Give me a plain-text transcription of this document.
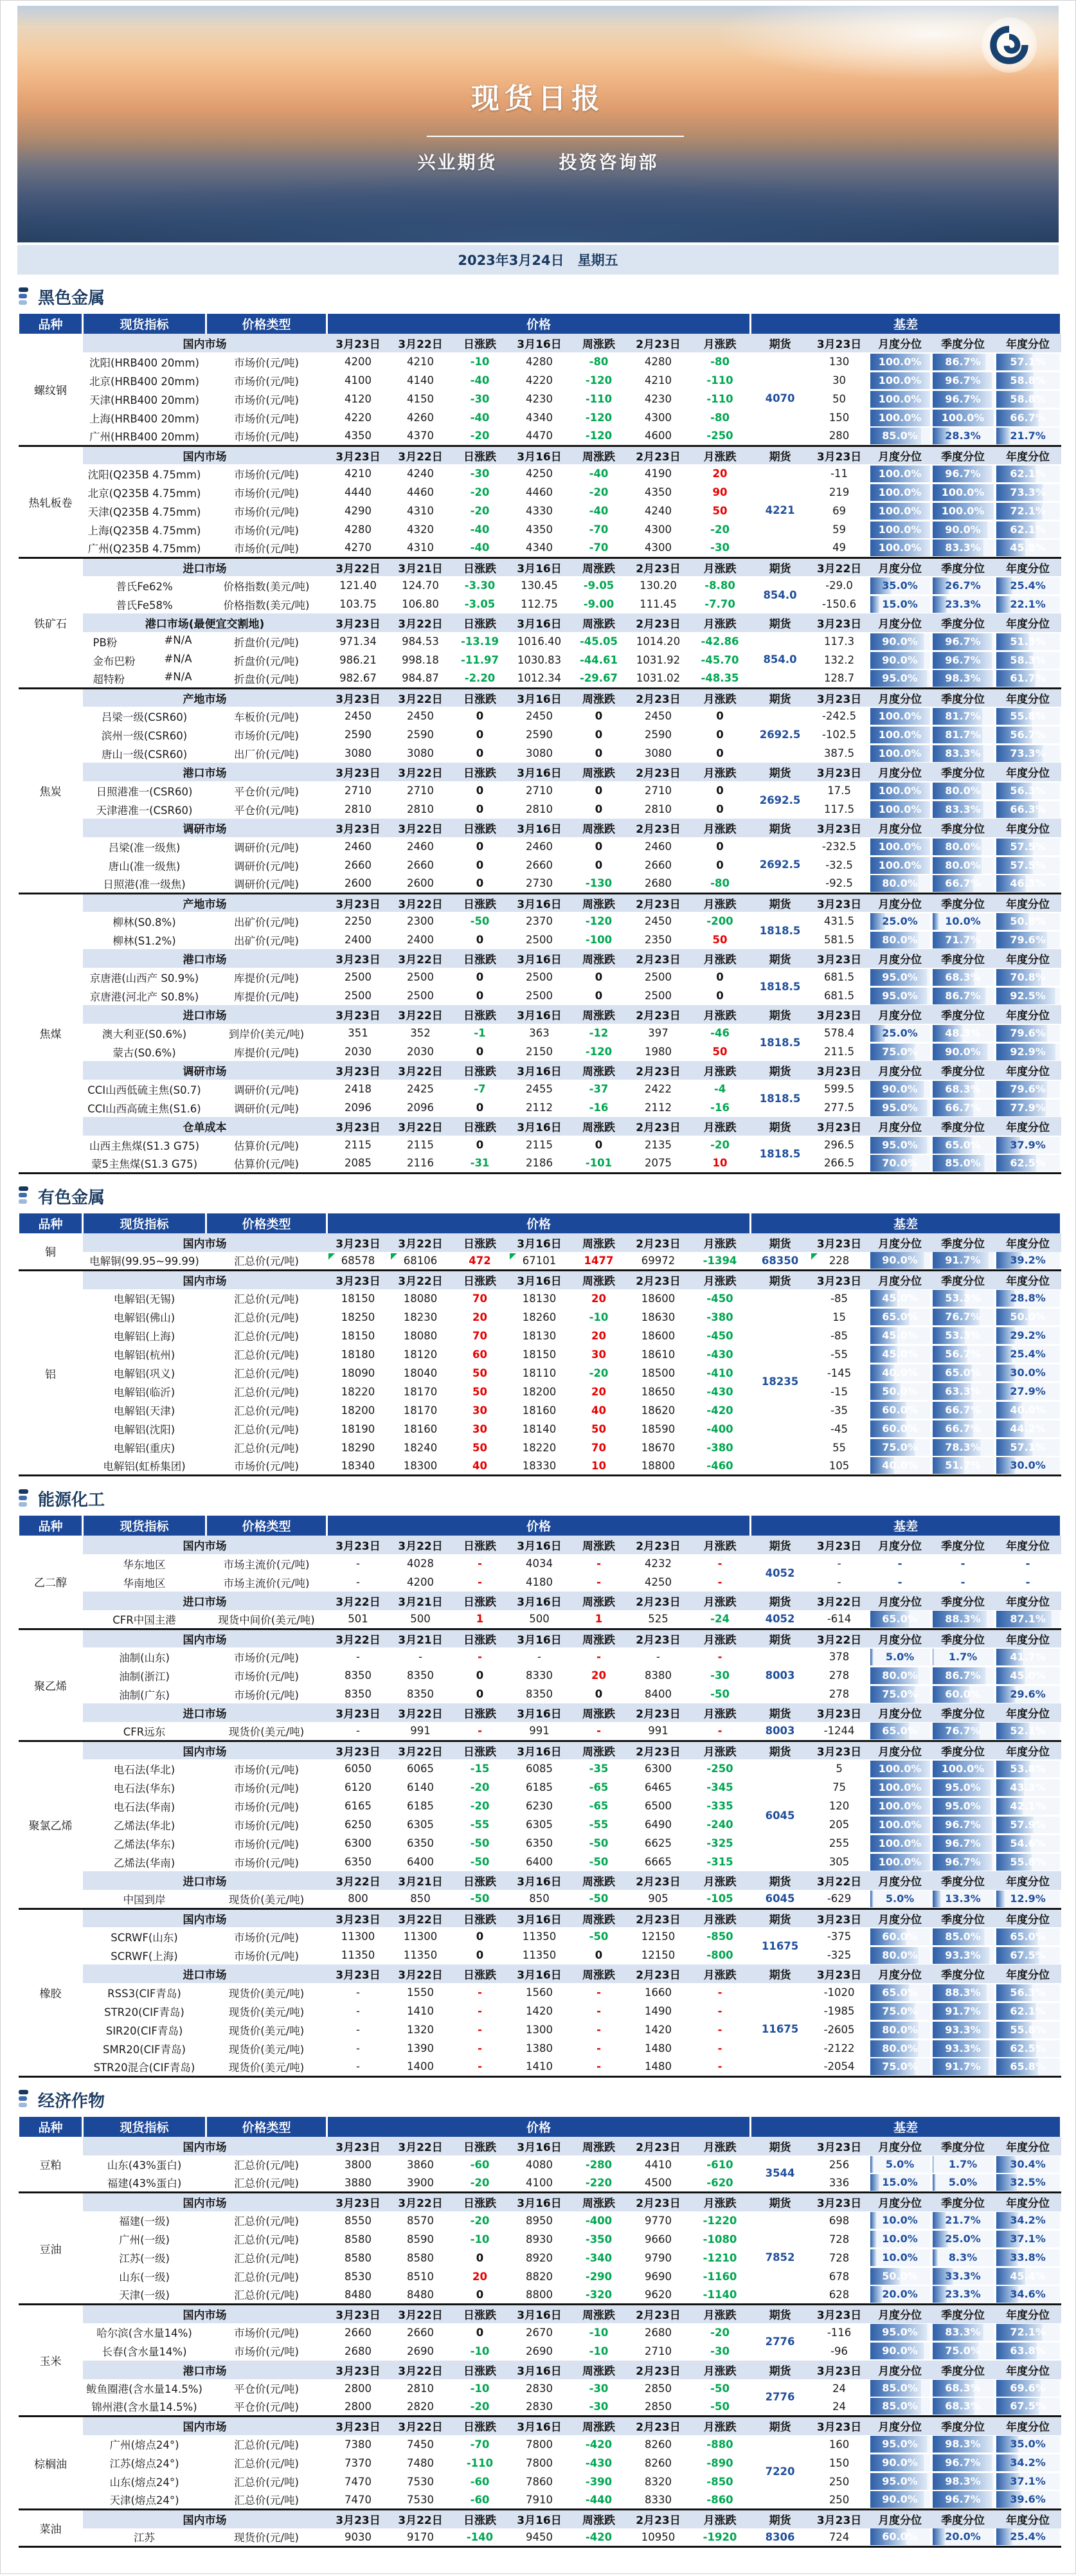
现货日报
兴业期货	投资咨询部
2023年3月24日　星期五
黑色金属
品种	现货指标	价格类型	价格							基差				
螺纹钢	国内市场		3月23日	3月22日	日涨跌	3月16日	周涨跌	2月23日	月涨跌	期货	3月23日	月度分位	季度分位	年度分位
	沈阳(HRB400 20mm)	市场价(元/吨)	4200	4210	-10	4280	-80	4280	-80	4070	130	100.0%	86.7%	57.1%

	北京(HRB400 20mm)	市场价(元/吨)	4100	4140	-40	4220	-120	4210	-110		30	100.0%	96.7%	58.8%

	天津(HRB400 20mm)	市场价(元/吨)	4120	4150	-30	4230	-110	4230	-110		50	100.0%	96.7%	58.8%

	上海(HRB400 20mm)	市场价(元/吨)	4220	4260	-40	4340	-120	4300	-80		150	100.0%	100.0%	66.7%

	广州(HRB400 20mm)	市场价(元/吨)	4350	4370	-20	4470	-120	4600	-250		280	85.0%	28.3%	21.7%

热轧板卷	国内市场		3月23日	3月22日	日涨跌	3月16日	周涨跌	2月23日	月涨跌	期货	3月23日	月度分位	季度分位	年度分位
	沈阳(Q235B 4.75mm)	市场价(元/吨)	4210	4240	-30	4250	-40	4190	20	4221	-11	100.0%	96.7%	62.1%

	北京(Q235B 4.75mm)	市场价(元/吨)	4440	4460	-20	4460	-20	4350	90		219	100.0%	100.0%	73.3%

	天津(Q235B 4.75mm)	市场价(元/吨)	4290	4310	-20	4330	-40	4240	50		69	100.0%	100.0%	72.1%

	上海(Q235B 4.75mm)	市场价(元/吨)	4280	4320	-40	4350	-70	4300	-20		59	100.0%	90.0%	62.1%

	广州(Q235B 4.75mm)	市场价(元/吨)	4270	4310	-40	4340	-70	4300	-30		49	100.0%	83.3%	45.8%

铁矿石	进口市场		3月22日	3月21日	日涨跌	3月16日	周涨跌	2月23日	月涨跌	期货	3月22日	月度分位	季度分位	年度分位
	普氏Fe62%	价格指数(美元/吨)	121.40	124.70	-3.30	130.45	-9.05	130.20	-8.80	854.0	-29.0	35.0%	26.7%	25.4%

	普氏Fe58%	价格指数(美元/吨)	103.75	106.80	-3.05	112.75	-9.00	111.45	-7.70		-150.6	15.0%	23.3%	22.1%

	港口市场(最便宜交割地)		3月23日	3月22日	日涨跌	3月16日	周涨跌	2月23日	月涨跌	期货	3月23日	月度分位	季度分位	年度分位

	PB粉 #N/A	折盘价(元/吨)	971.34	984.53	-13.19	1016.40	-45.05	1014.20	-42.86	854.0	117.3	90.0%	96.7%	51.3%

	金布巴粉 #N/A	折盘价(元/吨)	986.21	998.18	-11.97	1030.83	-44.61	1031.92	-45.70		132.2	90.0%	96.7%	58.3%

	超特粉 #N/A	折盘价(元/吨)	982.67	984.87	-2.20	1012.34	-29.67	1031.02	-48.35		128.7	95.0%	98.3%	61.7%

焦炭	产地市场		3月23日	3月22日	日涨跌	3月16日	周涨跌	2月23日	月涨跌	期货	3月23日	月度分位	季度分位	年度分位
	吕梁一级(CSR60)	车板价(元/吨)	2450	2450	0	2450	0	2450	0	2692.5	-242.5	100.0%	81.7%	55.8%

	滨州一级(CSR60)	市场价(元/吨)	2590	2590	0	2590	0	2590	0		-102.5	100.0%	81.7%	56.7%

	唐山一级(CSR60)	出厂价(元/吨)	3080	3080	0	3080	0	3080	0		387.5	100.0%	83.3%	73.3%

	港口市场		3月23日	3月22日	日涨跌	3月16日	周涨跌	2月23日	月涨跌	期货	3月23日	月度分位	季度分位	年度分位
	日照港准一(CSR60)	平仓价(元/吨)	2710	2710	0	2710	0	2710	0	2692.5	17.5	100.0%	80.0%	56.3%

	天津港准一(CSR60)	平仓价(元/吨)	2810	2810	0	2810	0	2810	0		117.5	100.0%	83.3%	66.3%

	调研市场		3月23日	3月22日	日涨跌	3月16日	周涨跌	2月23日	月涨跌	期货	3月23日	月度分位	季度分位	年度分位
	吕梁(准一级焦)	调研价(元/吨)	2460	2460	0	2460	0	2460	0	2692.5	-232.5	100.0%	80.0%	57.5%

	唐山(准一级焦)	调研价(元/吨)	2660	2660	0	2660	0	2660	0		-32.5	100.0%	80.0%	57.5%

	日照港(准一级焦)	调研价(元/吨)	2600	2600	0	2730	-130	2680	-80		-92.5	80.0%	66.7%	46.3%

焦煤	产地市场		3月23日	3月22日	日涨跌	3月16日	周涨跌	2月23日	月涨跌	期货	3月23日	月度分位	季度分位	年度分位
	柳林(S0.8%)	出矿价(元/吨)	2250	2300	-50	2370	-120	2450	-200	1818.5	431.5	25.0%	10.0%	50.8%

	柳林(S1.2%)	出矿价(元/吨)	2400	2400	0	2500	-100	2350	50		581.5	80.0%	71.7%	79.6%

	港口市场		3月23日	3月22日	日涨跌	3月16日	周涨跌	2月23日	月涨跌	期货	3月23日	月度分位	季度分位	年度分位
	京唐港(山西产 S0.9%)	库提价(元/吨)	2500	2500	0	2500	0	2500	0	1818.5	681.5	95.0%	68.3%	70.8%

	京唐港(河北产 S0.8%)	库提价(元/吨)	2500	2500	0	2500	0	2500	0		681.5	95.0%	86.7%	92.5%

	进口市场		3月23日	3月22日	日涨跌	3月16日	周涨跌	2月23日	月涨跌	期货	3月23日	月度分位	季度分位	年度分位
	澳大利亚(S0.6%)	到岸价(美元/吨)	351	352	-1	363	-12	397	-46	1818.5	578.4	25.0%	48.3%	79.6%

	蒙古(S0.6%)	库提价(元/吨)	2030	2030	0	2150	-120	1980	50		211.5	75.0%	90.0%	92.9%

	调研市场		3月23日	3月22日	日涨跌	3月16日	周涨跌	2月23日	月涨跌	期货	3月23日	月度分位	季度分位	年度分位
	CCI山西低硫主焦(S0.7)	调研价(元/吨)	2418	2425	-7	2455	-37	2422	-4	1818.5	599.5	90.0%	68.3%	79.6%

	CCI山西高硫主焦(S1.6)	调研价(元/吨)	2096	2096	0	2112	-16	2112	-16		277.5	95.0%	66.7%	77.9%

	仓单成本		3月23日	3月22日	日涨跌	3月16日	周涨跌	2月23日	月涨跌	期货	3月23日	月度分位	季度分位	年度分位
	山西主焦煤(S1.3 G75)	估算价(元/吨)	2115	2115	0	2115	0	2135	-20	1818.5	296.5	95.0%	65.0%	37.9%

	蒙5主焦煤(S1.3 G75)	估算价(元/吨)	2085	2116	-31	2186	-101	2075	10		266.5	70.0%	85.0%	62.5%
有色金属
品种	现货指标	价格类型	价格							基差				
铜	国内市场		3月23日	3月22日	日涨跌	3月16日	周涨跌	2月23日	月涨跌	期货	3月23日	月度分位	季度分位	年度分位
	电解铜(99.95~99.99)	汇总价(元/吨)	68578	68106	472	67101	1477	69972	-1394	68350	228	90.0%	91.7%	39.2%

铝	国内市场		3月23日	3月22日	日涨跌	3月16日	周涨跌	2月23日	月涨跌	期货	3月23日	月度分位	季度分位	年度分位
	电解铝(无锡)	汇总价(元/吨)	18150	18080	70	18130	20	18600	-450	18235	-85	45.0%	53.3%	28.8%

	电解铝(佛山)	汇总价(元/吨)	18250	18230	20	18260	-10	18630	-380		15	65.0%	76.7%	50.0%

	电解铝(上海)	汇总价(元/吨)	18150	18080	70	18130	20	18600	-450		-85	45.0%	53.3%	29.2%

	电解铝(杭州)	汇总价(元/吨)	18180	18120	60	18150	30	18610	-430		-55	45.0%	56.7%	25.4%

	电解铝(巩义)	汇总价(元/吨)	18090	18040	50	18110	-20	18500	-410		-145	40.0%	65.0%	30.0%

	电解铝(临沂)	汇总价(元/吨)	18220	18170	50	18200	20	18650	-430		-15	50.0%	63.3%	27.9%

	电解铝(天津)	汇总价(元/吨)	18200	18170	30	18160	40	18620	-420		-35	60.0%	66.7%	40.0%

	电解铝(沈阳)	汇总价(元/吨)	18190	18160	30	18140	50	18590	-400		-45	60.0%	66.7%	44.2%

	电解铝(重庆)	汇总价(元/吨)	18290	18240	50	18220	70	18670	-380		55	75.0%	78.3%	57.1%

	电解铝(虹桥集团)	市场价(元/吨)	18340	18300	40	18330	10	18800	-460		105	40.0%	51.7%	30.0%
能源化工
品种	现货指标	价格类型	价格							基差				
乙二醇	国内市场		3月23日	3月22日	日涨跌	3月16日	周涨跌	2月23日	月涨跌	期货	3月23日	月度分位	季度分位	年度分位
	华东地区	市场主流价(元/吨)	-	4028	-	4034	-	4232	-	4052	-	-	-	-
	华南地区	市场主流价(元/吨)	-	4200	-	4180	-	4250	-		-	-	-	-
	进口市场		3月22日	3月21日	日涨跌	3月16日	周涨跌	2月23日	月涨跌	期货	3月22日	月度分位	季度分位	年度分位
	CFR中国主港	现货中间价(美元/吨)	501	500	1	500	1	525	-24	4052	-614	65.0%	88.3%	87.1%

聚乙烯	国内市场		3月22日	3月21日	日涨跌	3月16日	周涨跌	2月23日	月涨跌	期货	3月22日	月度分位	季度分位	年度分位
	油制(山东)	市场价(元/吨)	-	-	-	-	-	-	-	8003	378	5.0%	1.7%	41.7%

	油制(浙江)	市场价(元/吨)	8350	8350	0	8330	20	8380	-30		278	80.0%	86.7%	45.0%

	油制(广东)	市场价(元/吨)	8350	8350	0	8350	0	8400	-50		278	75.0%	60.0%	29.6%

	进口市场		3月23日	3月22日	日涨跌	3月16日	周涨跌	2月23日	月涨跌	期货	3月23日	月度分位	季度分位	年度分位
	CFR远东	现货价(美元/吨)	-	991	-	991	-	991	-	8003	-1244	65.0%	76.7%	52.1%

聚氯乙烯	国内市场		3月23日	3月22日	日涨跌	3月16日	周涨跌	2月23日	月涨跌	期货	3月23日	月度分位	季度分位	年度分位
	电石法(华北)	市场价(元/吨)	6050	6065	-15	6085	-35	6300	-250	6045	5	100.0%	100.0%	53.8%

	电石法(华东)	市场价(元/吨)	6120	6140	-20	6185	-65	6465	-345		75	100.0%	95.0%	43.3%

	电石法(华南)	市场价(元/吨)	6165	6185	-20	6230	-65	6500	-335		120	100.0%	95.0%	42.1%

	乙烯法(华北)	市场价(元/吨)	6250	6305	-55	6305	-55	6490	-240		205	100.0%	96.7%	57.9%

	乙烯法(华东)	市场价(元/吨)	6300	6350	-50	6350	-50	6625	-325		255	100.0%	96.7%	54.6%

	乙烯法(华南)	市场价(元/吨)	6350	6400	-50	6400	-50	6665	-315		305	100.0%	96.7%	55.8%

	进口市场		3月22日	3月21日	日涨跌	3月16日	周涨跌	2月23日	月涨跌	期货	3月22日	月度分位	季度分位	年度分位
	中国到岸	现货价(美元/吨)	800	850	-50	850	-50	905	-105	6045	-629	5.0%	13.3%	12.9%

橡胶	国内市场		3月23日	3月22日	日涨跌	3月16日	周涨跌	2月23日	月涨跌	期货	3月23日	月度分位	季度分位	年度分位
	SCRWF(山东)	市场价(元/吨)	11300	11300	0	11350	-50	12150	-850	11675	-375	60.0%	85.0%	65.0%

	SCRWF(上海)	市场价(元/吨)	11350	11350	0	11350	0	12150	-800		-325	80.0%	93.3%	67.5%

	进口市场		3月23日	3月22日	日涨跌	3月16日	周涨跌	2月23日	月涨跌	期货	3月23日	月度分位	季度分位	年度分位
	RSS3(CIF青岛)	现货价(美元/吨)	-	1550	-	1560	-	1660	-	11675	-1020	65.0%	88.3%	56.3%

	STR20(CIF青岛)	现货价(美元/吨)	-	1410	-	1420	-	1490	-		-1985	75.0%	91.7%	62.1%

	SIR20(CIF青岛)	现货价(美元/吨)	-	1320	-	1300	-	1420	-		-2605	80.0%	93.3%	55.8%

	SMR20(CIF青岛)	现货价(美元/吨)	-	1390	-	1380	-	1480	-		-2122	80.0%	93.3%	62.5%

	STR20混合(CIF青岛)	现货价(美元/吨)	-	1400	-	1410	-	1480	-		-2054	75.0%	91.7%	65.8%
经济作物
品种	现货指标	价格类型	价格							基差				
豆粕	国内市场		3月23日	3月22日	日涨跌	3月16日	周涨跌	2月23日	月涨跌	期货	3月23日	月度分位	季度分位	年度分位
	山东(43%蛋白)	汇总价(元/吨)	3800	3860	-60	4080	-280	4410	-610	3544	256	5.0%	1.7%	30.4%

	福建(43%蛋白)	汇总价(元/吨)	3880	3900	-20	4100	-220	4500	-620		336	15.0%	5.0%	32.5%

豆油	国内市场		3月23日	3月22日	日涨跌	3月16日	周涨跌	2月23日	月涨跌	期货	3月23日	月度分位	季度分位	年度分位
	福建(一级)	汇总价(元/吨)	8550	8570	-20	8950	-400	9770	-1220	7852	698	10.0%	21.7%	34.2%

	广州(一级)	汇总价(元/吨)	8580	8590	-10	8930	-350	9660	-1080		728	10.0%	25.0%	37.1%

	江苏(一级)	汇总价(元/吨)	8580	8580	0	8920	-340	9790	-1210		728	10.0%	8.3%	33.8%

	山东(一级)	汇总价(元/吨)	8530	8510	20	8820	-290	9690	-1160		678	50.0%	33.3%	45.4%

	天津(一级)	汇总价(元/吨)	8480	8480	0	8800	-320	9620	-1140		628	20.0%	23.3%	34.6%

玉米	国内市场		3月23日	3月22日	日涨跌	3月16日	周涨跌	2月23日	月涨跌	期货	3月23日	月度分位	季度分位	年度分位
	哈尔滨(含水量14%)	市场价(元/吨)	2660	2660	0	2670	-10	2680	-20	2776	-116	95.0%	83.3%	72.1%

	长春(含水量14%)	市场价(元/吨)	2680	2690	-10	2690	-10	2710	-30		-96	90.0%	75.0%	63.8%

	港口市场		3月23日	3月22日	日涨跌	3月16日	周涨跌	2月23日	月涨跌	期货	3月23日	月度分位	季度分位	年度分位
	鲅鱼圈港(含水量14.5%)	平仓价(元/吨)	2800	2810	-10	2830	-30	2850	-50	2776	24	85.0%	68.3%	69.6%

	锦州港(含水量14.5%)	平仓价(元/吨)	2800	2820	-20	2830	-30	2850	-50		24	85.0%	68.3%	67.5%

棕榈油	国内市场		3月23日	3月22日	日涨跌	3月16日	周涨跌	2月23日	月涨跌	期货	3月23日	月度分位	季度分位	年度分位
	广州(熔点24°)	汇总价(元/吨)	7380	7450	-70	7800	-420	8260	-880	7220	160	95.0%	98.3%	35.0%

	江苏(熔点24°)	汇总价(元/吨)	7370	7480	-110	7800	-430	8260	-890		150	90.0%	96.7%	34.2%

	山东(熔点24°)	汇总价(元/吨)	7470	7530	-60	7860	-390	8320	-850		250	95.0%	98.3%	37.1%

	天津(熔点24°)	汇总价(元/吨)	7470	7530	-60	7910	-440	8330	-860		250	90.0%	96.7%	39.6%

菜油	国内市场		3月23日	3月22日	日涨跌	3月16日	周涨跌	2月23日	月涨跌	期货	3月23日	月度分位	季度分位	年度分位
	江苏	现货价(元/吨)	9030	9170	-140	9450	-420	10950	-1920	8306	724	60.0%	20.0%	25.4%
